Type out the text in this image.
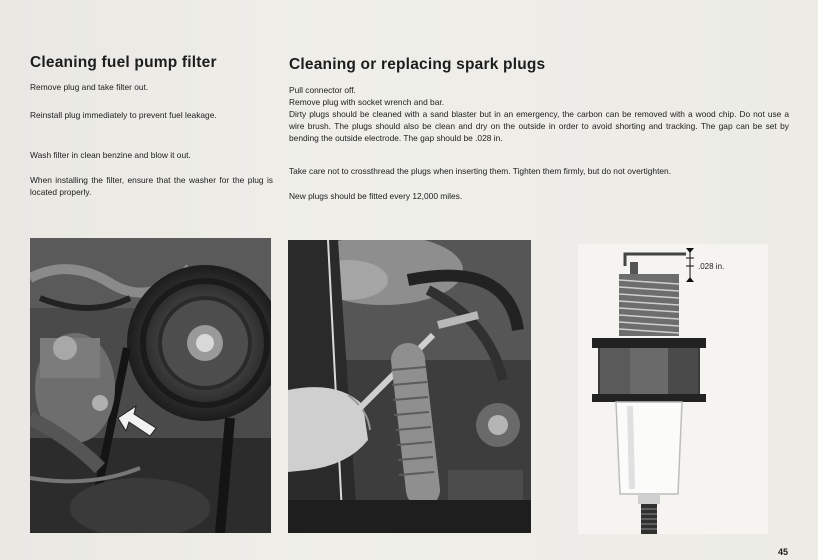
Cleaning fuel pump filter

Remove plug and take filter out.

Reinstall plug immediately to prevent fuel leakage.

Wash filter in clean benzine and blow it out.

When installing the filter, ensure that the washer for the plug is located properly.

Cleaning or replacing spark plugs

Pull connector off.

Remove plug with socket wrench and bar.

Dirty plugs should be cleaned with a sand blaster but in an emergency, the carbon can be removed with a wood chip. Do not use a wire brush. The plugs should also be clean and dry on the outside in order to avoid shorting and tracking. The gap can be set by bending the outside electrode. The gap should be .028 in.

Take care not to crossthread the plugs when inserting them. Tighten them firmly, but do not overtighten.

New plugs should be fitted every 12,000 miles.

.028 in.
45
